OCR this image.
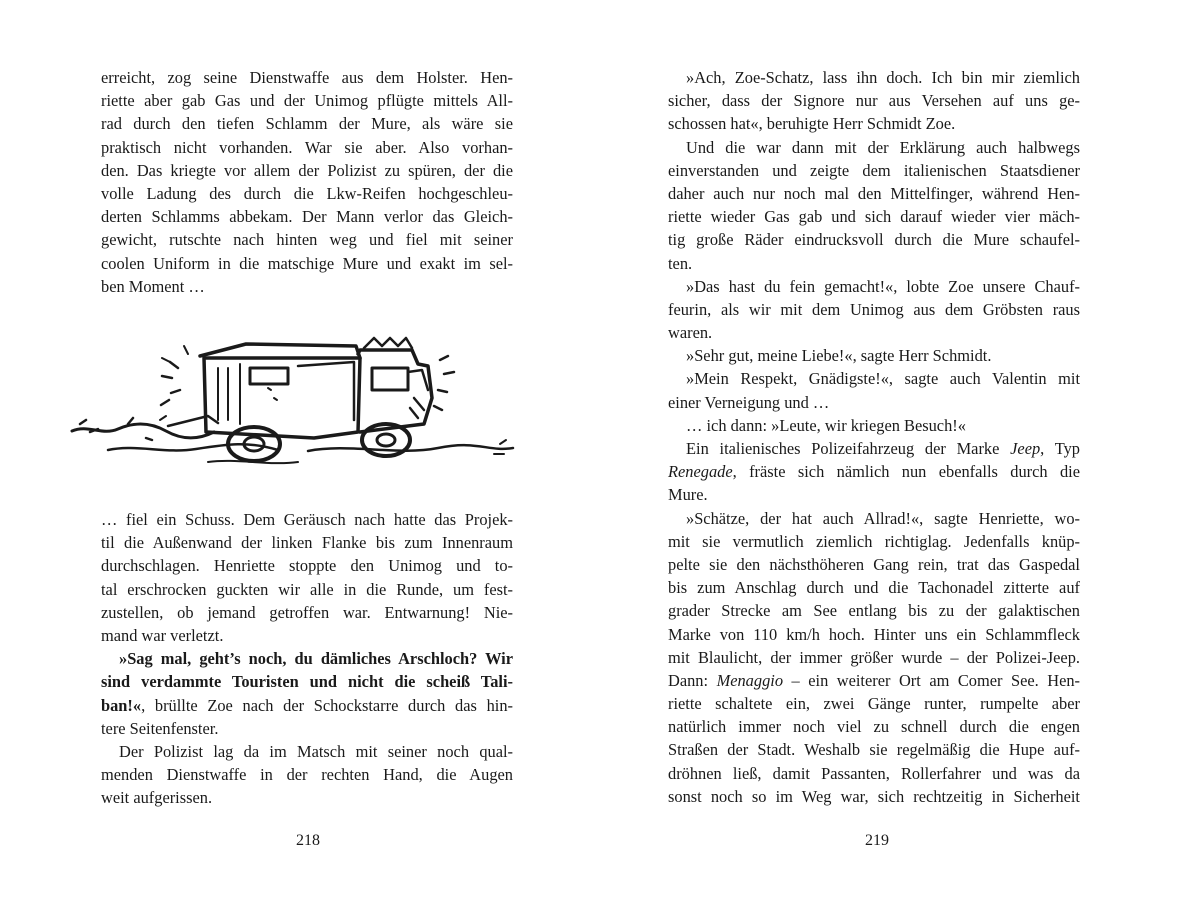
erreicht, zog seine Dienstwaffe aus dem Holster. Hen-
riette aber gab Gas und der Unimog pflügte mittels All-
rad durch den tiefen Schlamm der Mure, als wäre sie
praktisch nicht vorhanden. War sie aber. Also vorhan-
den. Das kriegte vor allem der Polizist zu spüren, der die
volle Ladung des durch die Lkw-Reifen hochgeschleu-
derten Schlamms abbekam. Der Mann verlor das Gleich-
gewicht, rutschte nach hinten weg und fiel mit seiner
coolen Uniform in die matschige Mure und exakt im sel-
ben Moment …
… fiel ein Schuss. Dem Geräusch nach hatte das Projek-
til die Außenwand der linken Flanke bis zum Innenraum
durchschlagen. Henriette stoppte den Unimog und to-
tal erschrocken guckten wir alle in die Runde, um fest-
zustellen, ob jemand getroffen war. Entwarnung! Nie-
mand war verletzt.
»Sag mal, geht’s noch, du dämliches Arschloch? Wir
sind verdammte Touristen und nicht die scheiß Tali-
ban!«, brüllte Zoe nach der Schockstarre durch das hin-
tere Seitenfenster.
Der Polizist lag da im Matsch mit seiner noch qual-
menden Dienstwaffe in der rechten Hand, die Augen
weit aufgerissen.
218
»Ach, Zoe-Schatz, lass ihn doch. Ich bin mir ziemlich
sicher, dass der Signore nur aus Versehen auf uns ge-
schossen hat«, beruhigte Herr Schmidt Zoe.
Und die war dann mit der Erklärung auch halbwegs
einverstanden und zeigte dem italienischen Staatsdiener
daher auch nur noch mal den Mittelfinger, während Hen-
riette wieder Gas gab und sich darauf wieder vier mäch-
tig große Räder eindrucksvoll durch die Mure schaufel-
ten.
»Das hast du fein gemacht!«, lobte Zoe unsere Chauf-
feurin, als wir mit dem Unimog aus dem Gröbsten raus
waren.
»Sehr gut, meine Liebe!«, sagte Herr Schmidt.
»Mein Respekt, Gnädigste!«, sagte auch Valentin mit
einer Verneigung und …
… ich dann: »Leute, wir kriegen Besuch!«
Ein italienisches Polizeifahrzeug der Marke Jeep, Typ
Renegade, fräste sich nämlich nun ebenfalls durch die
Mure.
»Schätze, der hat auch Allrad!«, sagte Henriette, wo-
mit sie vermutlich ziemlich richtiglag. Jedenfalls knüp-
pelte sie den nächsthöheren Gang rein, trat das Gaspedal
bis zum Anschlag durch und die Tachonadel zitterte auf
grader Strecke am See entlang bis zu der galaktischen
Marke von 110 km/h hoch. Hinter uns ein Schlammfleck
mit Blaulicht, der immer größer wurde – der Polizei-Jeep.
Dann: Menaggio – ein weiterer Ort am Comer See. Hen-
riette schaltete ein, zwei Gänge runter, rumpelte aber
natürlich immer noch viel zu schnell durch die engen
Straßen der Stadt. Weshalb sie regelmäßig die Hupe auf-
dröhnen ließ, damit Passanten, Rollerfahrer und was da
sonst noch so im Weg war, sich rechtzeitig in Sicherheit
219
